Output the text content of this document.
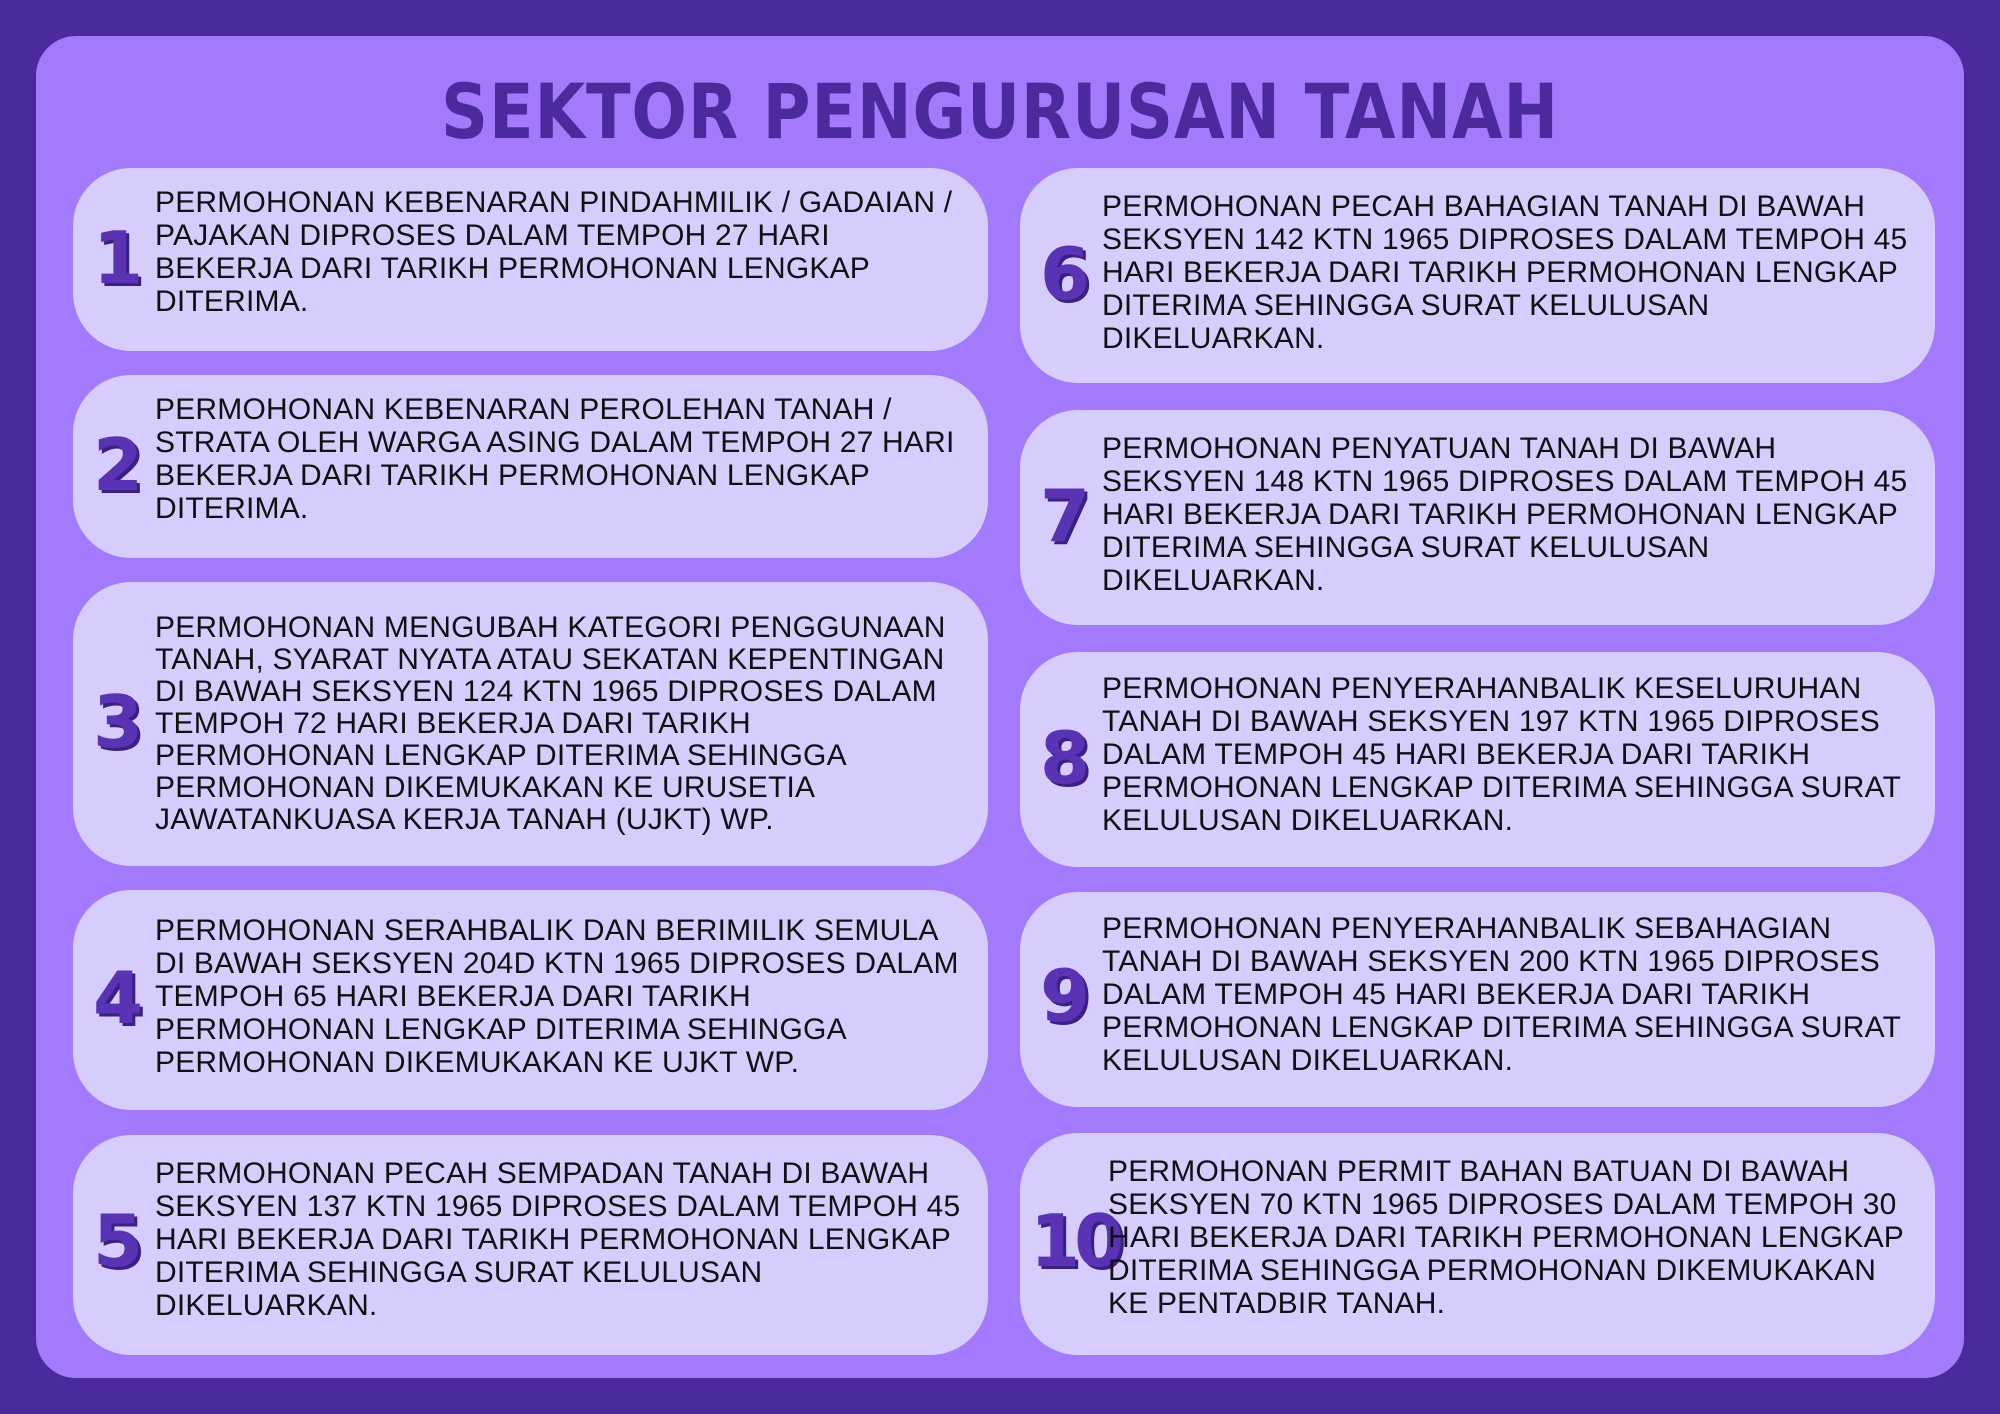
SEKTOR PENGURUSAN TANAH
1
PERMOHONAN KEBENARAN PINDAHMILIK / GADAIAN / PAJAKAN DIPROSES DALAM TEMPOH 27 HARI BEKERJA DARI TARIKH PERMOHONAN LENGKAP DITERIMA.
2
PERMOHONAN KEBENARAN PEROLEHAN TANAH / STRATA OLEH WARGA ASING DALAM TEMPOH 27 HARI BEKERJA DARI TARIKH PERMOHONAN LENGKAP DITERIMA.
3
PERMOHONAN MENGUBAH KATEGORI PENGGUNAAN TANAH, SYARAT NYATA ATAU SEKATAN KEPENTINGAN DI BAWAH SEKSYEN 124 KTN 1965 DIPROSES DALAM TEMPOH 72 HARI BEKERJA DARI TARIKH PERMOHONAN LENGKAP DITERIMA SEHINGGA PERMOHONAN DIKEMUKAKAN KE URUSETIA JAWATANKUASA KERJA TANAH (UJKT) WP.
4
PERMOHONAN SERAHBALIK DAN BERIMILIK SEMULA DI BAWAH SEKSYEN 204D KTN 1965 DIPROSES DALAM TEMPOH 65 HARI BEKERJA DARI TARIKH PERMOHONAN LENGKAP DITERIMA SEHINGGA PERMOHONAN DIKEMUKAKAN KE UJKT WP.
5
PERMOHONAN PECAH SEMPADAN TANAH DI BAWAH SEKSYEN 137 KTN 1965 DIPROSES DALAM TEMPOH 45 HARI BEKERJA DARI TARIKH PERMOHONAN LENGKAP DITERIMA SEHINGGA SURAT KELULUSAN DIKELUARKAN.
6
PERMOHONAN PECAH BAHAGIAN TANAH DI BAWAH SEKSYEN 142 KTN 1965 DIPROSES DALAM TEMPOH 45 HARI BEKERJA DARI TARIKH PERMOHONAN LENGKAP DITERIMA SEHINGGA SURAT KELULUSAN DIKELUARKAN.
7
PERMOHONAN PENYATUAN TANAH DI BAWAH SEKSYEN 148 KTN 1965 DIPROSES DALAM TEMPOH 45 HARI BEKERJA DARI TARIKH PERMOHONAN LENGKAP DITERIMA SEHINGGA SURAT KELULUSAN DIKELUARKAN.
8
PERMOHONAN PENYERAHANBALIK KESELURUHAN TANAH DI BAWAH SEKSYEN 197 KTN 1965 DIPROSES DALAM TEMPOH 45 HARI BEKERJA DARI TARIKH PERMOHONAN LENGKAP DITERIMA SEHINGGA SURAT KELULUSAN DIKELUARKAN.
9
PERMOHONAN PENYERAHANBALIK SEBAHAGIAN TANAH DI BAWAH SEKSYEN 200 KTN 1965 DIPROSES DALAM TEMPOH 45 HARI BEKERJA DARI TARIKH PERMOHONAN LENGKAP DITERIMA SEHINGGA SURAT KELULUSAN DIKELUARKAN.
10
PERMOHONAN PERMIT BAHAN BATUAN DI BAWAH SEKSYEN 70 KTN 1965 DIPROSES DALAM TEMPOH 30 HARI BEKERJA DARI TARIKH PERMOHONAN LENGKAP DITERIMA SEHINGGA PERMOHONAN DIKEMUKAKAN KE PENTADBIR TANAH.
